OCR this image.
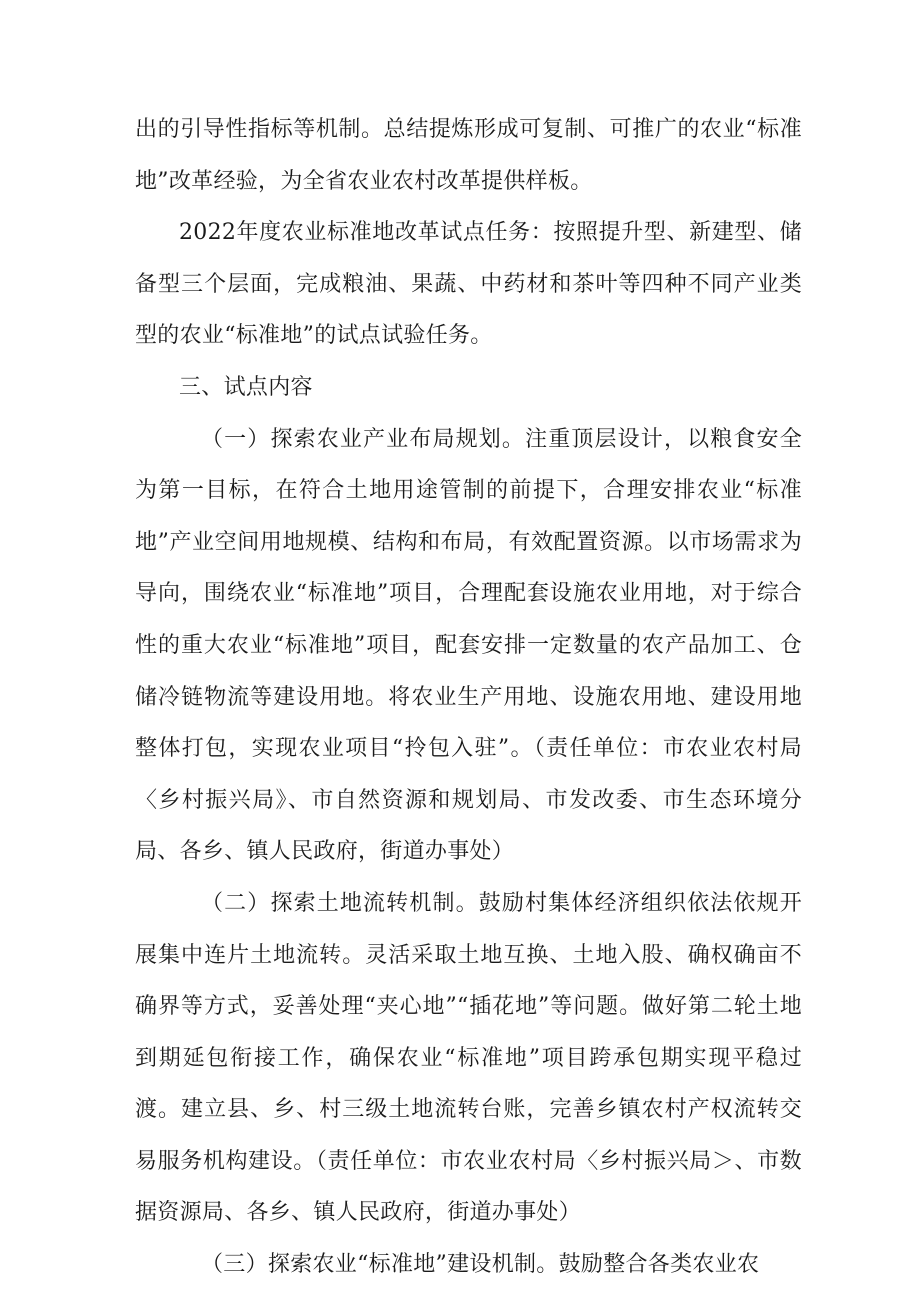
出的引导性指标等机制。总结提炼形成可复制、可推广的农业“标准地”改革经验，为全省农业农村改革提供样板。

2022年度农业标准地改革试点任务：按照提升型、新建型、储备型三个层面，完成粮油、果蔬、中药材和茶叶等四种不同产业类型的农业“标准地”的试点试验任务。

三、试点内容

（一）探索农业产业布局规划。注重顶层设计，以粮食安全为第一目标，在符合土地用途管制的前提下，合理安排农业“标准地”产业空间用地规模、结构和布局，有效配置资源。以市场需求为导向，围绕农业“标准地”项目，合理配套设施农业用地，对于综合性的重大农业“标准地”项目，配套安排一定数量的农产品加工、仓储冷链物流等建设用地。将农业生产用地、设施农用地、建设用地整体打包，实现农业项目“拎包入驻”。（责任单位：市农业农村局〈乡村振兴局》、市自然资源和规划局、市发改委、市生态环境分局、各乡、镇人民政府，街道办事处）

（二）探索土地流转机制。鼓励村集体经济组织依法依规开展集中连片土地流转。灵活采取土地互换、土地入股、确权确亩不确界等方式，妥善处理“夹心地”“插花地”等问题。做好第二轮土地到期延包衔接工作，确保农业“标准地”项目跨承包期实现平稳过渡。建立县、乡、村三级土地流转台账，完善乡镇农村产权流转交易服务机构建设。（责任单位：市农业农村局〈乡村振兴局＞、市数据资源局、各乡、镇人民政府，街道办事处）

（三）探索农业“标准地”建设机制。鼓励整合各类农业农
